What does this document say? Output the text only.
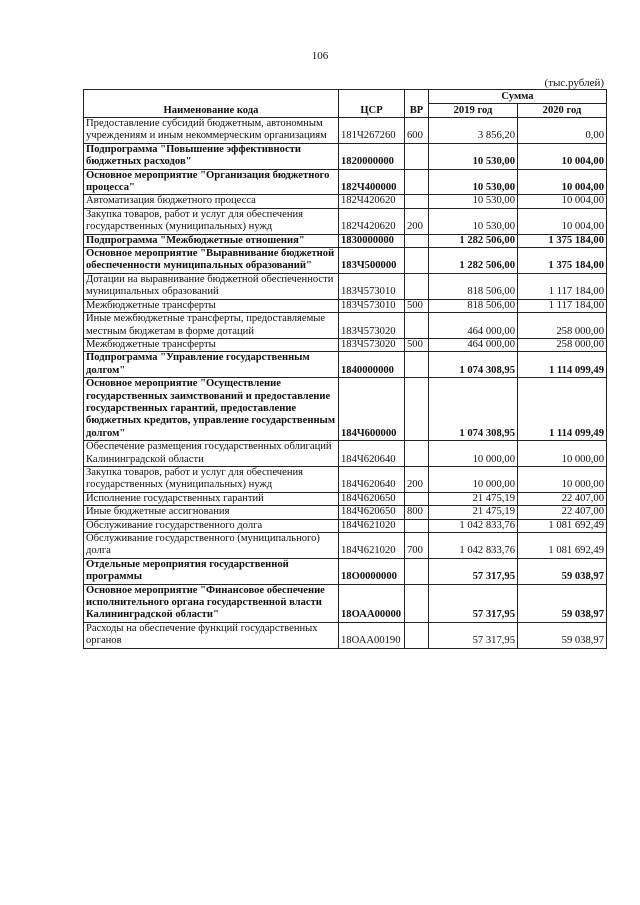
106
(тыс.рублей)
Наименование кода	ЦСР	ВР	Сумма	
			2019 год	2020 год
Предоставление субсидий бюджетным, автономным учреждениям и иным некоммерческим организациям	181Ч267260	600	3 856,20	0,00
Подпрограмма "Повышение эффективности бюджетных расходов"	1820000000		10 530,00	10 004,00
Основное мероприятие "Организация бюджетного процесса"	182Ч400000		10 530,00	10 004,00
Автоматизация бюджетного процесса	182Ч420620		10 530,00	10 004,00
Закупка товаров, работ и услуг для обеспечения государственных (муниципальных) нужд	182Ч420620	200	10 530,00	10 004,00
Подпрограмма "Межбюджетные отношения"	1830000000		1 282 506,00	1 375 184,00
Основное мероприятие "Выравнивание бюджетной обеспеченности муниципальных образований"	183Ч500000		1 282 506,00	1 375 184,00
Дотации на выравнивание бюджетной обеспеченности муниципальных образований	183Ч573010		818 506,00	1 117 184,00
Межбюджетные трансферты	183Ч573010	500	818 506,00	1 117 184,00
Иные межбюджетные трансферты, предоставляемые местным бюджетам в форме дотаций	183Ч573020		464 000,00	258 000,00
Межбюджетные трансферты	183Ч573020	500	464 000,00	258 000,00
Подпрограмма "Управление государственным долгом"	1840000000		1 074 308,95	1 114 099,49
Основное мероприятие "Осуществление государственных заимствований и предоставление государственных гарантий, предоставление бюджетных кредитов, управление государственным долгом"	184Ч600000		1 074 308,95	1 114 099,49
Обеспечение размещения государственных облигаций Калининградской области	184Ч620640		10 000,00	10 000,00
Закупка товаров, работ и услуг для обеспечения государственных (муниципальных) нужд	184Ч620640	200	10 000,00	10 000,00
Исполнение государственных гарантий	184Ч620650		21 475,19	22 407,00
Иные бюджетные ассигнования	184Ч620650	800	21 475,19	22 407,00
Обслуживание государственного долга	184Ч621020		1 042 833,76	1 081 692,49
Обслуживание государственного (муниципального) долга	184Ч621020	700	1 042 833,76	1 081 692,49
Отдельные мероприятия государственной программы	18О0000000		57 317,95	59 038,97
Основное мероприятие "Финансовое обеспечение исполнительного органа государственной власти Калининградской области"	18ОАА00000		57 317,95	59 038,97
Расходы на обеспечение функций государственных органов	18ОАА00190		57 317,95	59 038,97
